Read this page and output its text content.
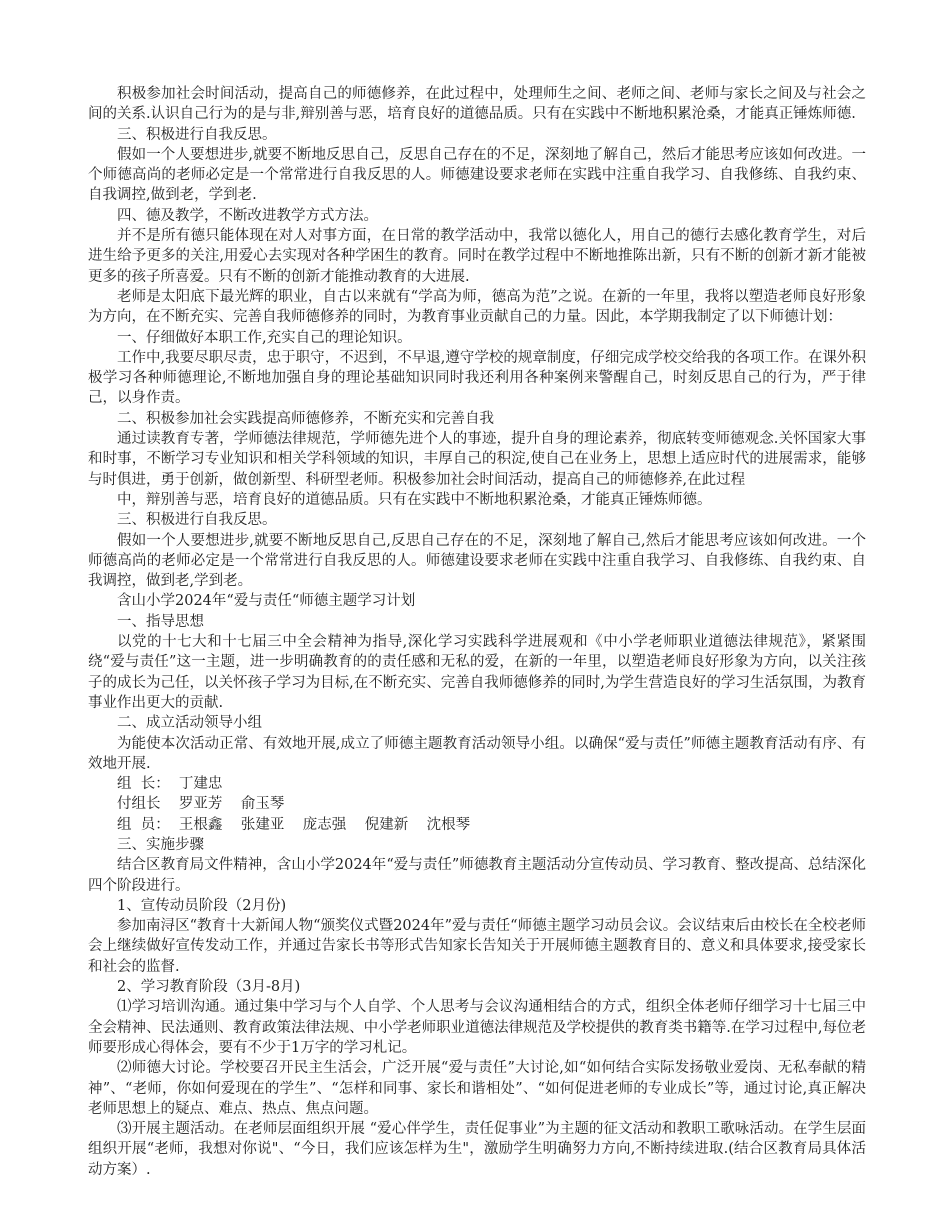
积极参加社会时间活动，提高自己的师德修养，在此过程中，处理师生之间、老师之间、老师与家长之间及与社会之间的关系.认识自己行为的是与非,辩别善与恶，培育良好的道德品质。只有在实践中不断地积累沧桑，才能真正锤炼师德.

三、积极进行自我反思。

假如一个人要想进步,就要不断地反思自己，反思自己存在的不足，深刻地了解自己，然后才能思考应该如何改进。一个师德高尚的老师必定是一个常常进行自我反思的人。师德建设要求老师在实践中注重自我学习、自我修练、自我约束、自我调控,做到老，学到老.

四、德及教学，不断改进教学方式方法。

并不是所有德只能体现在对人对事方面，在日常的教学活动中，我常以德化人，用自己的德行去感化教育学生，对后进生给予更多的关注,用爱心去实现对各种学困生的教育。同时在教学过程中不断地推陈出新，只有不断的创新才新才能被更多的孩子所喜爱。只有不断的创新才能推动教育的大进展.

老师是太阳底下最光辉的职业，自古以来就有“学高为师，德高为范”之说。在新的一年里，我将以塑造老师良好形象为方向，在不断充实、完善自我师德修养的同时，为教育事业贡献自己的力量。因此，本学期我制定了以下师德计划：

一、仔细做好本职工作,充实自己的理论知识。

工作中,我要尽职尽责，忠于职守，不迟到，不早退,遵守学校的规章制度，仔细完成学校交给我的各项工作。在课外积极学习各种师德理论,不断地加强自身的理论基础知识同时我还利用各种案例来警醒自己，时刻反思自己的行为，严于律己，以身作责。

二、积极参加社会实践提高师德修养，不断充实和完善自我

通过读教育专著，学师德法律规范，学师德先进个人的事迹，提升自身的理论素养，彻底转变师德观念.关怀国家大事和时事，不断学习专业知识和相关学科领域的知识，丰厚自己的积淀,使自己在业务上，思想上适应时代的进展需求，能够与时俱进，勇于创新，做创新型、科研型老师。积极参加社会时间活动，提高自己的师德修养,在此过程

中，辩别善与恶，培育良好的道德品质。只有在实践中不断地积累沧桑，才能真正锤炼师德。

三、积极进行自我反思。

假如一个人要想进步,就要不断地反思自己,反思自己存在的不足，深刻地了解自己,然后才能思考应该如何改进。一个师德高尚的老师必定是一个常常进行自我反思的人。师德建设要求老师在实践中注重自我学习、自我修练、自我约束、自我调控，做到老,学到老。

含山小学2024年“爱与责任“师德主题学习计划

一、指导思想

以党的十七大和十七届三中全会精神为指导,深化学习实践科学进展观和《中小学老师职业道德法律规范》，紧紧围绕“爱与责任”这一主题，进一步明确教育的的责任感和无私的爱，在新的一年里，以塑造老师良好形象为方向，以关注孩子的成长为己任，以关怀孩子学习为目标,在不断充实、完善自我师德修养的同时,为学生营造良好的学习生活氛围，为教育事业作出更大的贡献.

二、成立活动领导小组

为能使本次活动正常、有效地开展,成立了师德主题教育活动领导小组。以确保“爱与责任”师德主题教育活动有序、有效地开展.

组  长：  丁建忠

付组长    罗亚芳    俞玉琴

组  员：  王根鑫    张建亚    庞志强    倪建新    沈根琴

三、实施步骤

结合区教育局文件精神，含山小学2024年“爱与责任”师德教育主题活动分宣传动员、学习教育、整改提高、总结深化四个阶段进行。

1、宣传动员阶段（2月份)

参加南浔区“教育十大新闻人物“颁奖仪式暨2024年”爱与责任“师德主题学习动员会议。会议结束后由校长在全校老师会上继续做好宣传发动工作，并通过告家长书等形式告知家长告知关于开展师德主题教育目的、意义和具体要求,接受家长和社会的监督.

2、学习教育阶段（3月-8月)

⑴学习培训沟通。通过集中学习与个人自学、个人思考与会议沟通相结合的方式，组织全体老师仔细学习十七届三中全会精神、民法通则、教育政策法律法规、中小学老师职业道德法律规范及学校提供的教育类书籍等.在学习过程中,每位老师要形成心得体会，要有不少于1万字的学习札记。

⑵师德大讨论。学校要召开民主生活会，广泛开展“爱与责任”大讨论,如“如何结合实际发扬敬业爱岗、无私奉献的精神”、“老师，你如何爱现在的学生”、“怎样和同事、家长和谐相处”、“如何促进老师的专业成长”等，通过讨论,真正解决老师思想上的疑点、难点、热点、焦点问题。

⑶开展主题活动。在老师层面组织开展 “爱心伴学生，责任促事业”为主题的征文活动和教职工歌咏活动。在学生层面组织开展“老师，我想对你说"、“今日，我们应该怎样为生"，激励学生明确努力方向,不断持续进取.(结合区教育局具体活动方案）.
